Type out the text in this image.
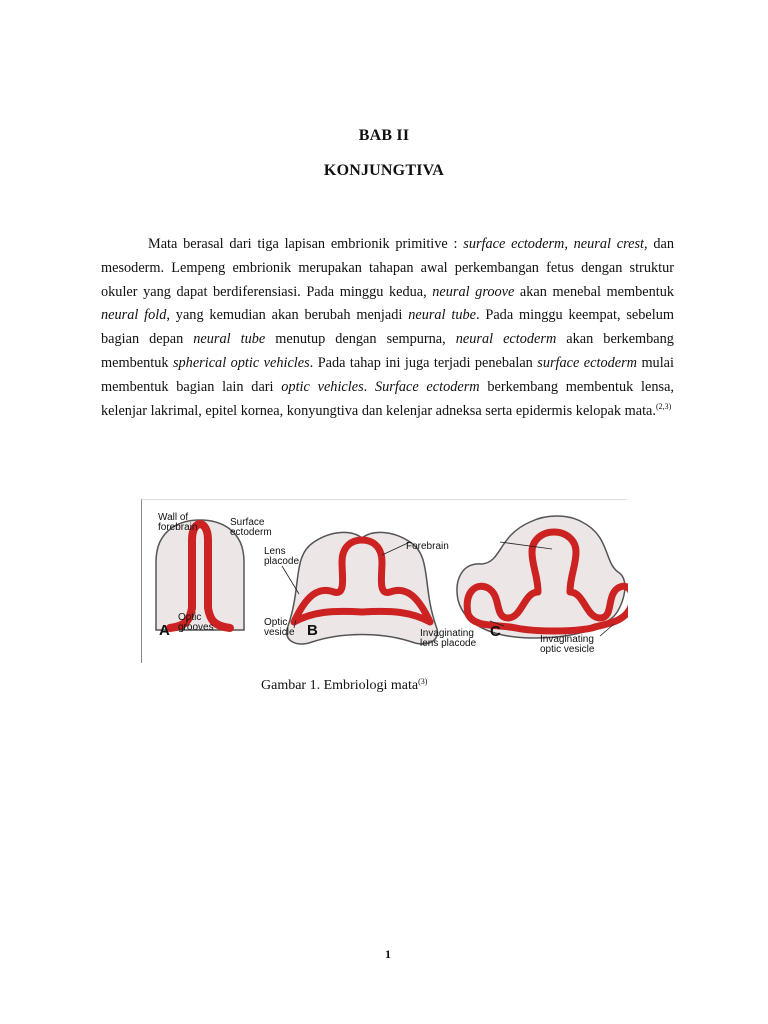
BAB II
KONJUNGTIVA

Mata berasal dari tiga lapisan embrionik primitive : surface ectoderm, neural crest, dan mesoderm. Lempeng embrionik merupakan tahapan awal perkembangan fetus dengan struktur okuler yang dapat berdiferensiasi. Pada minggu kedua, neural groove akan menebal membentuk neural fold, yang kemudian akan berubah menjadi neural tube. Pada minggu keempat, sebelum bagian depan neural tube menutup dengan sempurna, neural ectoderm akan berkembang membentuk spherical optic vehicles. Pada tahap ini juga terjadi penebalan surface ectoderm mulai membentuk bagian lain dari optic vehicles. Surface ectoderm berkembang membentuk lensa, kelenjar lakrimal, epitel kornea, konyungtiva dan kelenjar adneksa serta epidermis kelopak mata.$^{(2,3)}$

Wall of
forebrain	Surface
ectoderm
Lens
placode
Optic
grooves	Optic
vesicle
Forebrain
Invaginating
lens placode	Invaginating
optic vesicle
A	B	C
Gambar 1. Embriologi mata$^{(3)}$
1
